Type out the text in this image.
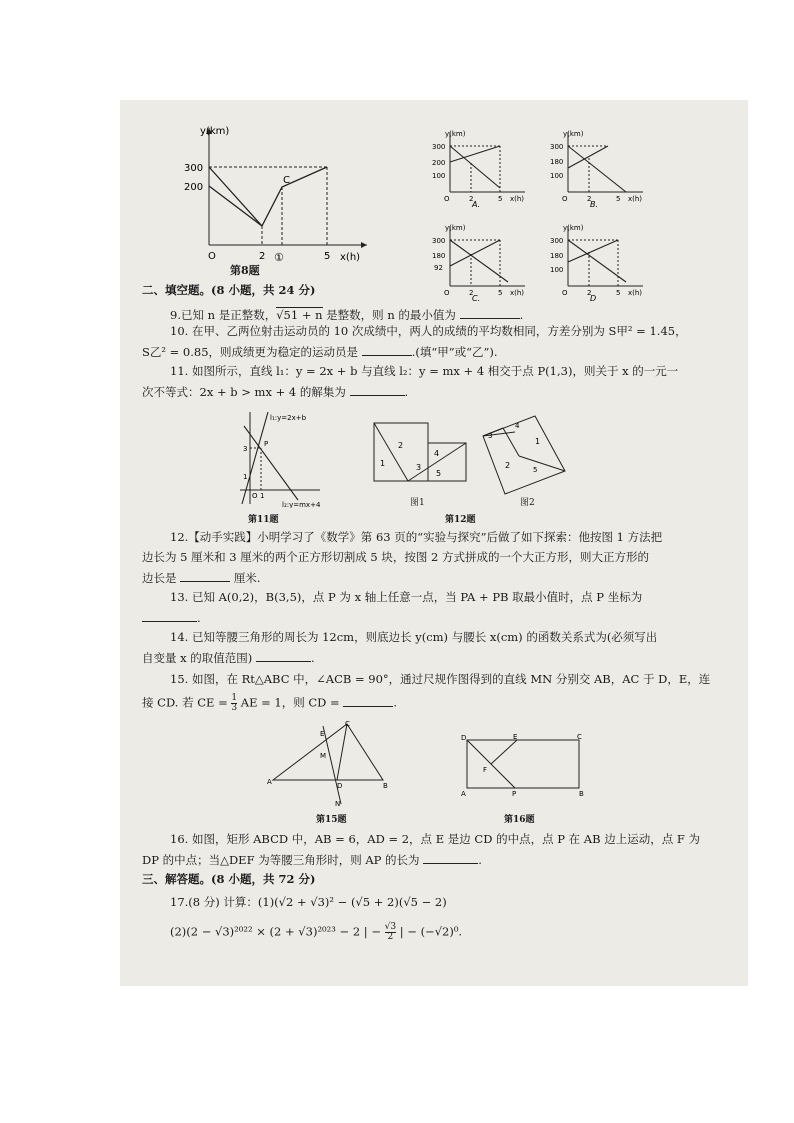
y(km)
x(h)
300
200
O	2	5
C
①
第8题
y(km)
300
200
100
O	2	5 x(h)
A.
y(km)
300
180
100
O	2	5 x(h)
B.
y(km)
300
180
92
O	2	5 x(h)
C.
y(km)
300
180
100
O	2	5 x(h)
D
二、填空题。(8 小题，共 24 分)
9.已知 n 是正整数，√51 + n 是整数，则 n 的最小值为	.
10. 在甲、乙两位射击运动员的 10 次成绩中，两人的成绩的平均数相同，方差分别为 S甲² = 1.45，
S乙² = 0.85，则成绩更为稳定的运动员是	.(填“甲”或“乙”).
11. 如图所示，直线 l₁：y = 2x + b 与直线 l₂：y = mx + 4 相交于点 P(1,3)，则关于 x 的一元一
次不等式：2x + b > mx + 4 的解集为	.
l₁:y=2x+b
P
3
1
O 1
l₂:y=mx+4
第11题
2
1	3
4
5
图1
3
4
1
2	5
图2
第12题
12.【动手实践】小明学习了《数学》第 63 页的“实验与探究”后做了如下探索：他按图 1 方法把
边长为 5 厘米和 3 厘米的两个正方形切割成 5 块，按图 2 方式拼成的一个大正方形，则大正方形的
边长是	厘米.
13. 已知 A(0,2)，B(3,5)，点 P 为 x 轴上任意一点，当 PA + PB 取最小值时，点 P 坐标为
.
14. 已知等腰三角形的周长为 12cm，则底边长 y(cm) 与腰长 x(cm) 的函数关系式为(必须写出
自变量 x 的取值范围)	.
15. 如图，在 Rt△ABC 中，∠ACB = 90°，通过尺规作图得到的直线 MN 分别交 AB，AC 于 D，E，连
接 CD. 若 CE = $\frac{1}{3}$ AE = 1，则 CD =	.
C
E
M
A	D	B
N
第15题
D	E	C
F
A	P	B
第16题
16. 如图，矩形 ABCD 中，AB = 6，AD = 2，点 E 是边 CD 的中点，点 P 在 AB 边上运动，点 F 为
DP 的中点；当△DEF 为等腰三角形时，则 AP 的长为	.
三、解答题。(8 小题，共 72 分)
17.(8 分) 计算：(1)(√2 + √3)² − (√5 + 2)(√5 − 2)
(2)(2 − √3)²⁰²² × (2 + √3)²⁰²³ − 2 | − $\frac{√3}{2}$ | − (−√2)⁰.
